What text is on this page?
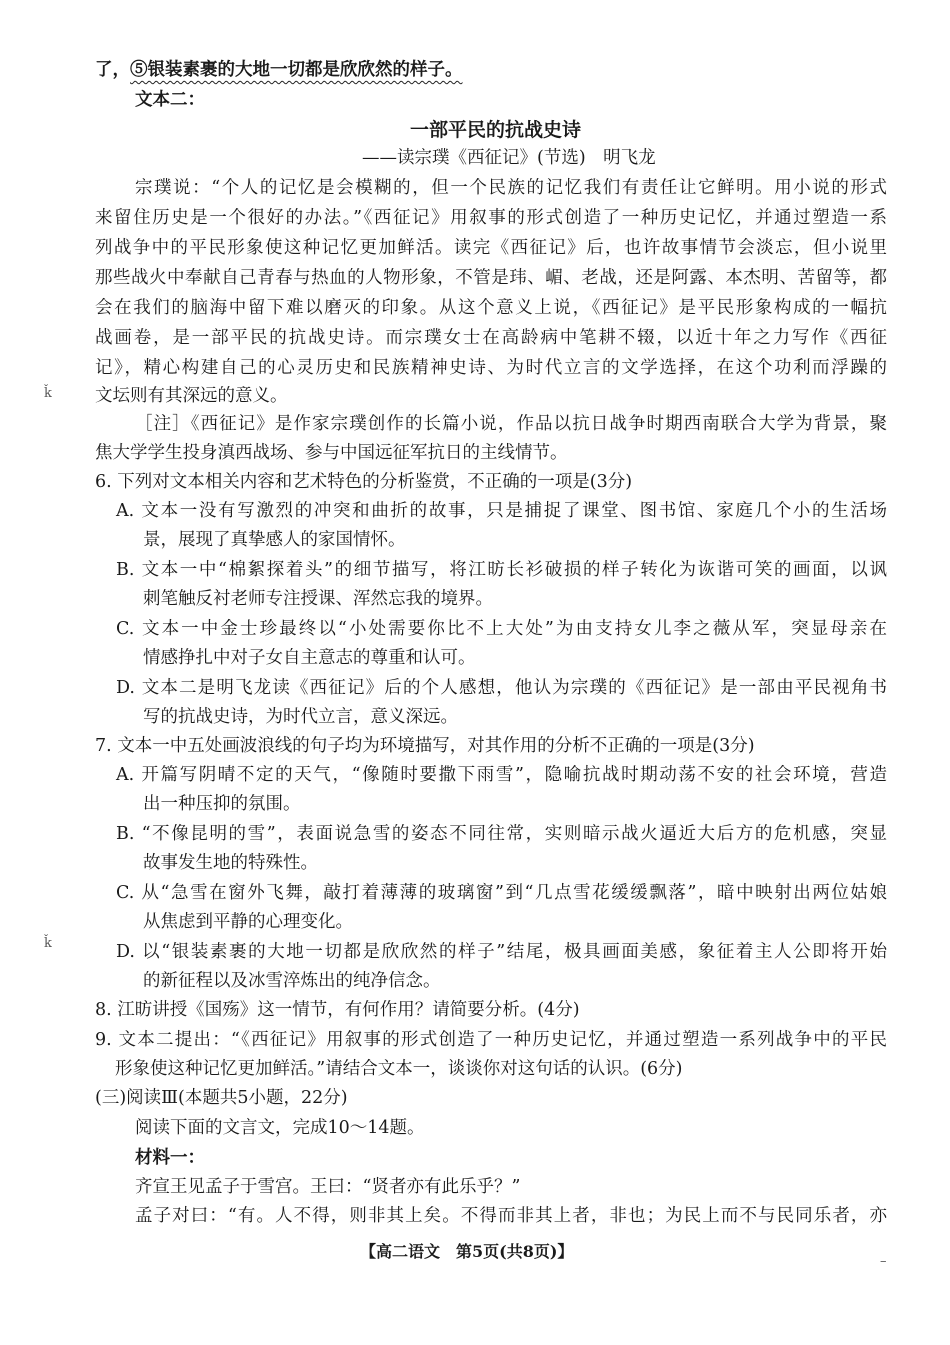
了，⑤银装素裹的大地一切都是欣欣然的样子。
文本二：
一部平民的抗战史诗
——读宗璞《西征记》(节选)　明飞龙
宗璞说：“个人的记忆是会模糊的，但一个民族的记忆我们有责任让它鲜明。用小说的形式
来留住历史是一个很好的办法。”《西征记》用叙事的形式创造了一种历史记忆，并通过塑造一系
列战争中的平民形象使这种记忆更加鲜活。读完《西征记》后，也许故事情节会淡忘，但小说里
那些战火中奉献自己青春与热血的人物形象，不管是玮、嵋、老战，还是阿露、本杰明、苦留等，都
会在我们的脑海中留下难以磨灭的印象。从这个意义上说，《西征记》是平民形象构成的一幅抗
战画卷，是一部平民的抗战史诗。而宗璞女士在高龄病中笔耕不辍，以近十年之力写作《西征
记》，精心构建自己的心灵历史和民族精神史诗、为时代立言的文学选择，在这个功利而浮躁的
文坛则有其深远的意义。
［注］《西征记》是作家宗璞创作的长篇小说，作品以抗日战争时期西南联合大学为背景，聚
焦大学学生投身滇西战场、参与中国远征军抗日的主线情节。
6. 下列对文本相关内容和艺术特色的分析鉴赏，不正确的一项是(3分)
A. 文本一没有写激烈的冲突和曲折的故事，只是捕捉了课堂、图书馆、家庭几个小的生活场
景，展现了真挚感人的家国情怀。
B. 文本一中“棉絮探着头”的细节描写，将江昉长衫破损的样子转化为诙谐可笑的画面，以讽
刺笔触反衬老师专注授课、浑然忘我的境界。
C. 文本一中金士珍最终以“小处需要你比不上大处”为由支持女儿李之薇从军，突显母亲在
情感挣扎中对子女自主意志的尊重和认可。
D. 文本二是明飞龙读《西征记》后的个人感想，他认为宗璞的《西征记》是一部由平民视角书
写的抗战史诗，为时代立言，意义深远。
7. 文本一中五处画波浪线的句子均为环境描写，对其作用的分析不正确的一项是(3分)
A. 开篇写阴晴不定的天气，“像随时要撒下雨雪”，隐喻抗战时期动荡不安的社会环境，营造
出一种压抑的氛围。
B. “不像昆明的雪”，表面说急雪的姿态不同往常，实则暗示战火逼近大后方的危机感，突显
故事发生地的特殊性。
C. 从“急雪在窗外飞舞，敲打着薄薄的玻璃窗”到“几点雪花缓缓飘落”，暗中映射出两位姑娘
从焦虑到平静的心理变化。
D. 以“银装素裹的大地一切都是欣欣然的样子”结尾，极具画面美感，象征着主人公即将开始
的新征程以及冰雪淬炼出的纯净信念。
8. 江昉讲授《国殇》这一情节，有何作用？请简要分析。(4分)
9. 文本二提出：“《西征记》用叙事的形式创造了一种历史记忆，并通过塑造一系列战争中的平民
形象使这种记忆更加鲜活。”请结合文本一，谈谈你对这句话的认识。(6分)
(三)阅读Ⅲ(本题共5小题，22分)
阅读下面的文言文，完成10～14题。
材料一：
齐宣王见孟子于雪宫。王曰：“贤者亦有此乐乎？”
孟子对曰：“有。人不得，则非其上矣。不得而非其上者，非也；为民上而不与民同乐者，亦
【高二语文　第5页(共8页)】
ǩ
ǩ
–
